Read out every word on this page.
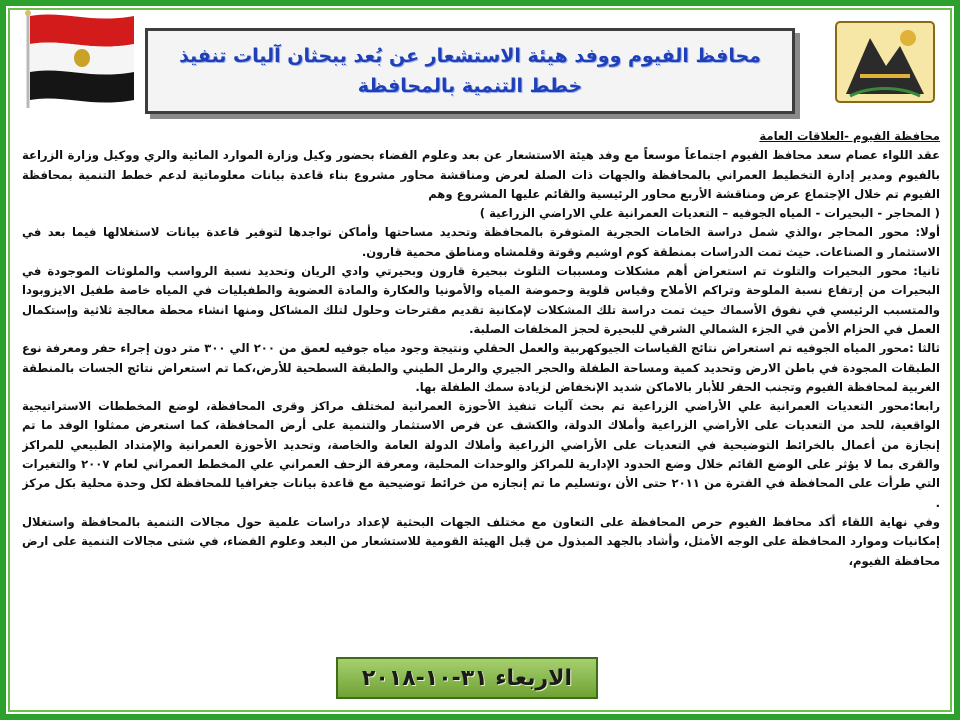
محافظ الفيوم ووفد هيئة الاستشعار عن بُعد يبحثان آليات تنفيذ خطط التنمية بالمحافظة

محافظة الفيوم -العلاقات العامة

عقد اللواء عصام سعد محافظ الفيوم اجتماعاً موسعاً مع وفد هيئة الاستشعار عن بعد وعلوم الفضاء بحضور وكيل وزارة الموارد المائية والري ووكيل وزارة الزراعة بالفيوم ومدير إدارة التخطيط العمراني بالمحافظة والجهات ذات الصلة لعرض ومناقشة محاور مشروع بناء قاعدة بيانات معلوماتية لدعم خطط التنمية بمحافظة الفيوم تم خلال الإجتماع عرض ومناقشة الأربع محاور الرئيسية والقائم عليها المشروع وهم

( المحاجر - البحيرات - المياه الجوفيه – التعديات العمرانية علي الاراضي الزراعية )

أولا: محور المحاجر ،والذي شمل دراسة الخامات الحجرية المتوفرة بالمحافظة وتحديد مساحتها وأماكن تواجدها لتوفير قاعدة بيانات لاستغلالها فيما بعد في الاستثمار و الصناعات. حيث تمت الدراسات بمنطقة كوم اوشيم وقوتة وقلمشاه ومناطق محمية قارون.

ثانيا: محور البحيرات والتلوث تم استعراض أهم مشكلات ومسببات التلوث ببحيرة قارون وبحيرتي وادي الريان وتحديد نسبة الرواسب والملوثات الموجودة في البحيرات من إرتفاع نسبة الملوحة وتراكم الأملاح وقياس قلوية وحموضة المياه والأمونيا والعكارة والمادة العضوية والطفيليات في المياه خاصة طفيل الايزوبودا والمتسبب الرئيسي في نفوق الأسماك حيث تمت دراسة تلك المشكلات لإمكانية تقديم مقترحات وحلول لتلك المشاكل ومنها انشاء محطة معالجة ثلاثية وإستكمال العمل في الحزام الأمن في الجزء الشمالي الشرقي للبحيرة لحجز المخلفات الصلبة.

ثالثا :محور المياه الجوفيه تم استعراض نتائج القياسات الجيوكهربية والعمل الحقلي ونتيجة وجود مياه جوفيه لعمق من ٢٠٠ الي ٣٠٠ متر دون إجراء حفر ومعرفة نوع الطبقات المجودة في باطن الارض وتحديد كمية ومساحة الطفلة والحجر الجيري والرمل الطيني والطبقة السطحية للأرض،كما تم استعراض نتائج الجسات بالمنطقة الغربية لمحافظة الفيوم وتجنب الحفر للأبار بالاماكن شديد الإنخفاض لزيادة سمك الطفلة بها.

رابعا:محور التعديات العمرانية علي الأراضي الزراعية تم بحث آليات تنفيذ الأحوزة العمرانية لمختلف مراكز وقرى المحافظة، لوضع المخططات الاستراتيجية الواقعية، للحد من التعديات على الأراضي الزراعية وأملاك الدولة، والكشف عن فرص الاستثمار والتنمية على أرض المحافظة، كما استعرض ممثلوا الوفد ما تم إنجازة من أعمال بالخرائط التوضيحية في التعديات على الأراضي الزراعية وأملاك الدولة العامة والخاصة، وتحديد الأحوزة العمرانية والإمتداد الطبيعي للمراكز والقرى بما لا يؤثر على الوضع القائم خلال وضع الحدود الإدارية للمراكز والوحدات المحلية، ومعرفة الزحف العمراني علي المخطط العمراني لعام ٢٠٠٧ والتغيرات التي طرأت على المحافظة في الفترة من ٢٠١١ حتى الأن ،وتسليم ما تم إنجازه من خرائط توضيحية مع قاعدة بيانات جغرافيا للمحافظة لكل وحدة محلية بكل مركز .

وفي نهاية اللقاء أكد محافظ الفيوم حرص المحافظة على التعاون مع مختلف الجهات البحثية لإعداد دراسات علمية حول مجالات التنمية بالمحافظة واستغلال إمكانيات وموارد المحافظة على الوجه الأمثل، وأشاد بالجهد المبذول من قِبل الهيئة القومية للاستشعار من البعد وعلوم الفضاء، في شتى مجالات التنمية على ارض محافظة الفيوم،

الاربعاء ٣١-١٠-٢٠١٨
